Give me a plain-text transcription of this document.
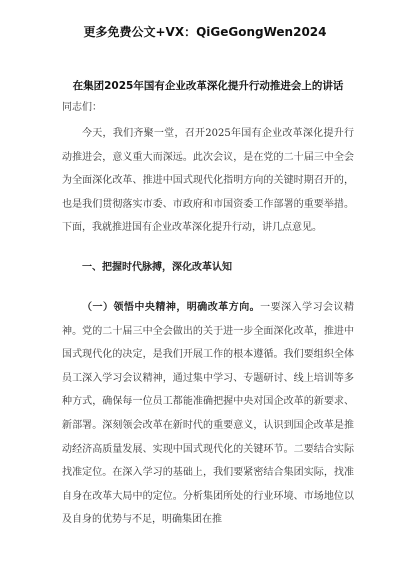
更多免费公文+VX：QiGeGongWen2024
在集团2025年国有企业改革深化提升行动推进会上的讲话
同志们：

今天，我们齐聚一堂，召开2025年国有企业改革深化提升行动推进会，意义重大而深远。此次会议，是在党的二十届三中全会为全面深化改革、推进中国式现代化指明方向的关键时期召开的，也是我们贯彻落实市委、市政府和市国资委工作部署的重要举措。下面，我就推进国有企业改革深化提升行动，讲几点意见。

一、把握时代脉搏，深化改革认知

（一）领悟中央精神，明确改革方向。一要深入学习会议精神。党的二十届三中全会做出的关于进一步全面深化改革，推进中国式现代化的决定，是我们开展工作的根本遵循。我们要组织全体员工深入学习会议精神，通过集中学习、专题研讨、线上培训等多种方式，确保每一位员工都能准确把握中央对国企改革的新要求、新部署。深刻领会改革在新时代的重要意义，认识到国企改革是推动经济高质量发展、实现中国式现代化的关键环节。二要结合实际找准定位。在深入学习的基础上，我们要紧密结合集团实际，找准自身在改革大局中的定位。分析集团所处的行业环境、市场地位以及自身的优势与不足，明确集团在推
